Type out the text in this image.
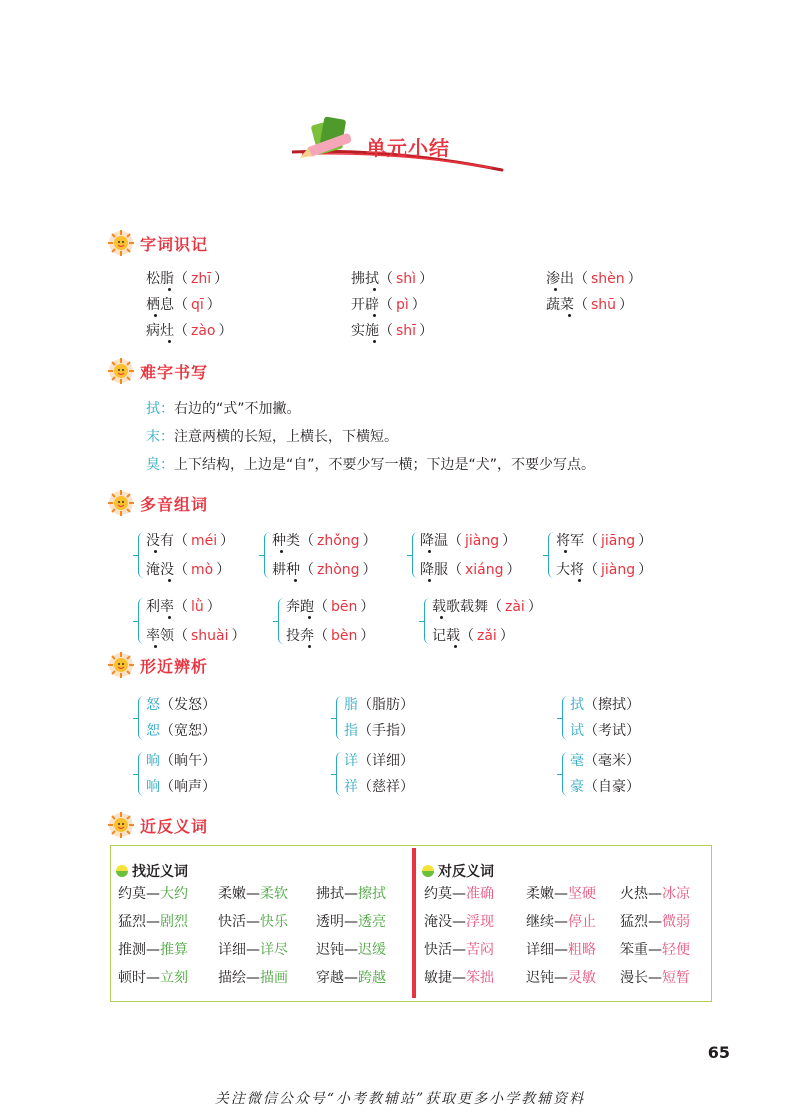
单元小结
字词识记
难字书写
多音组词
形近辨析
近反义词
找近义词	对反义词
65
关注微信公众号“小考教辅站”获取更多小学教辅资料
松脂（ zhī ）	拂拭（ shì ）	渗出（ shèn ）
栖息（ qī ）	开辟（ pì ）	蔬菜（ shū ）
病灶（ zào ）	实施（ shī ）
拭：右边的“式”不加撇。
末：注意两横的长短，上横长，下横短。
臭：上下结构，上边是“自”，不要少写一横；下边是“犬”，不要少写点。
没有（ méi ）
淹没（ mò ）
种类（ zhǒng ）
耕种（ zhòng ）
降温（ jiàng ）
降服（ xiáng ）
将军（ jiāng ）
大将（ jiàng ）
利率（ lǜ ）
率领（ shuài ）
奔跑（ bēn ）
投奔（ bèn ）
载歌载舞（ zài ）
记载（ zǎi ）
怒（发怒）
恕（宽恕）
脂（脂肪）
指（手指）
拭（擦拭）
试（考试）
晌（晌午）
响（响声）
详（详细）
祥（慈祥）
毫（毫米）
豪（自豪）
约莫—大约 柔嫩—柔软 拂拭—擦拭
猛烈—剧烈 快活—快乐 透明—透亮
推测—推算 详细—详尽 迟钝—迟缓
顿时—立刻 描绘—描画 穿越—跨越
约莫—准确 柔嫩—坚硬 火热—冰凉
淹没—浮现 继续—停止 猛烈—微弱
快活—苦闷 详细—粗略 笨重—轻便
敏捷—笨拙 迟钝—灵敏 漫长—短暂
